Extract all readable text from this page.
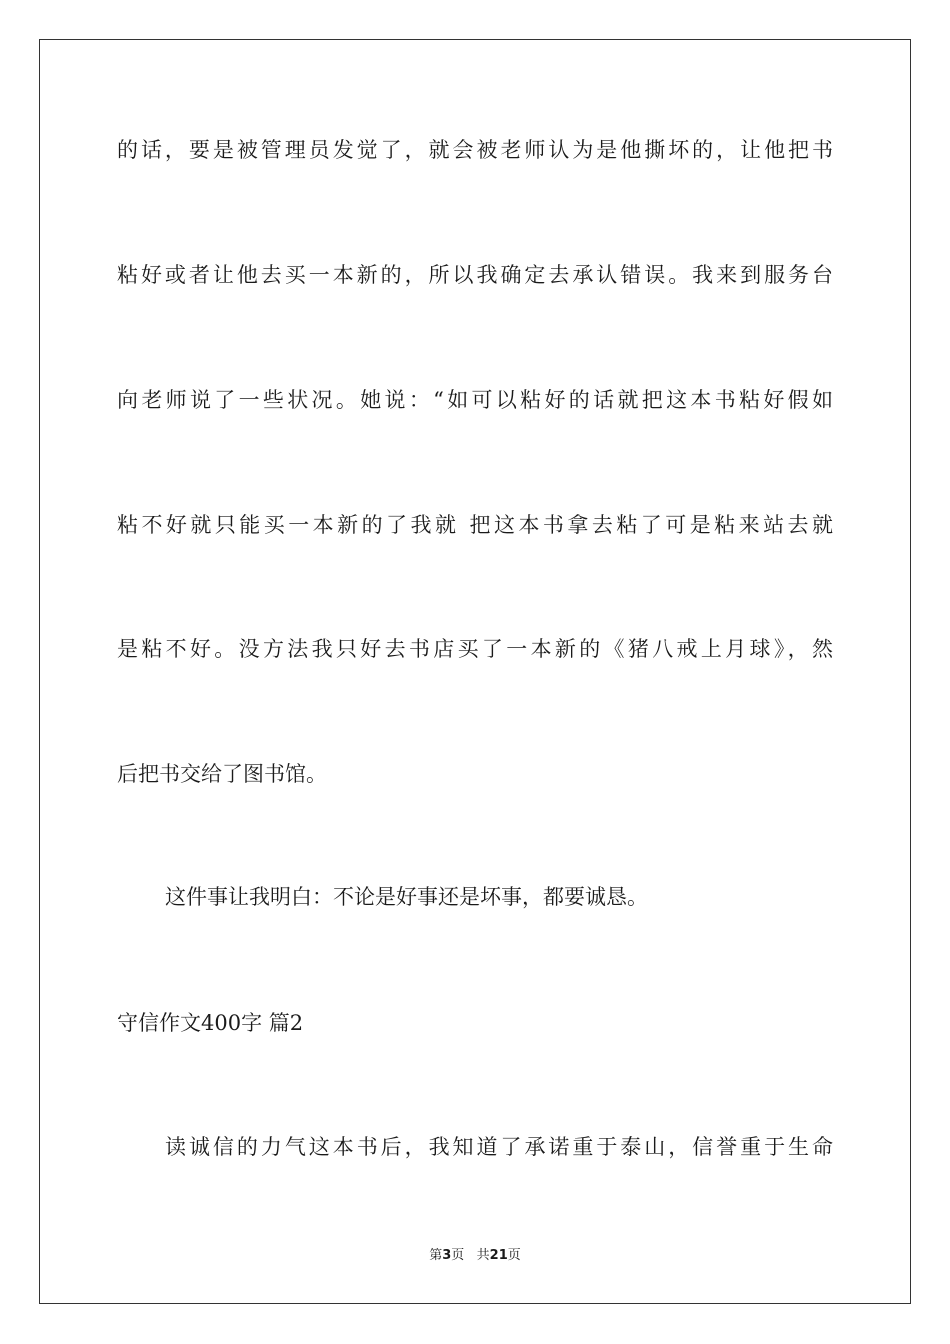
的话，要是被管理员发觉了，就会被老师认为是他撕坏的，让他把书

粘好或者让他去买一本新的，所以我确定去承认错误。我来到服务台

向老师说了一些状况。她说：“如可以粘好的话就把这本书粘好假如

粘不好就只能买一本新的了我就 把这本书拿去粘了可是粘来站去就

是粘不好。没方法我只好去书店买了一本新的《猪八戒上月球》，然

后把书交给了图书馆。

这件事让我明白：不论是好事还是坏事，都要诚恳。

守信作文400字 篇2

读诚信的力气这本书后，我知道了承诺重于泰山，信誉重于生命

第3页   共21页
